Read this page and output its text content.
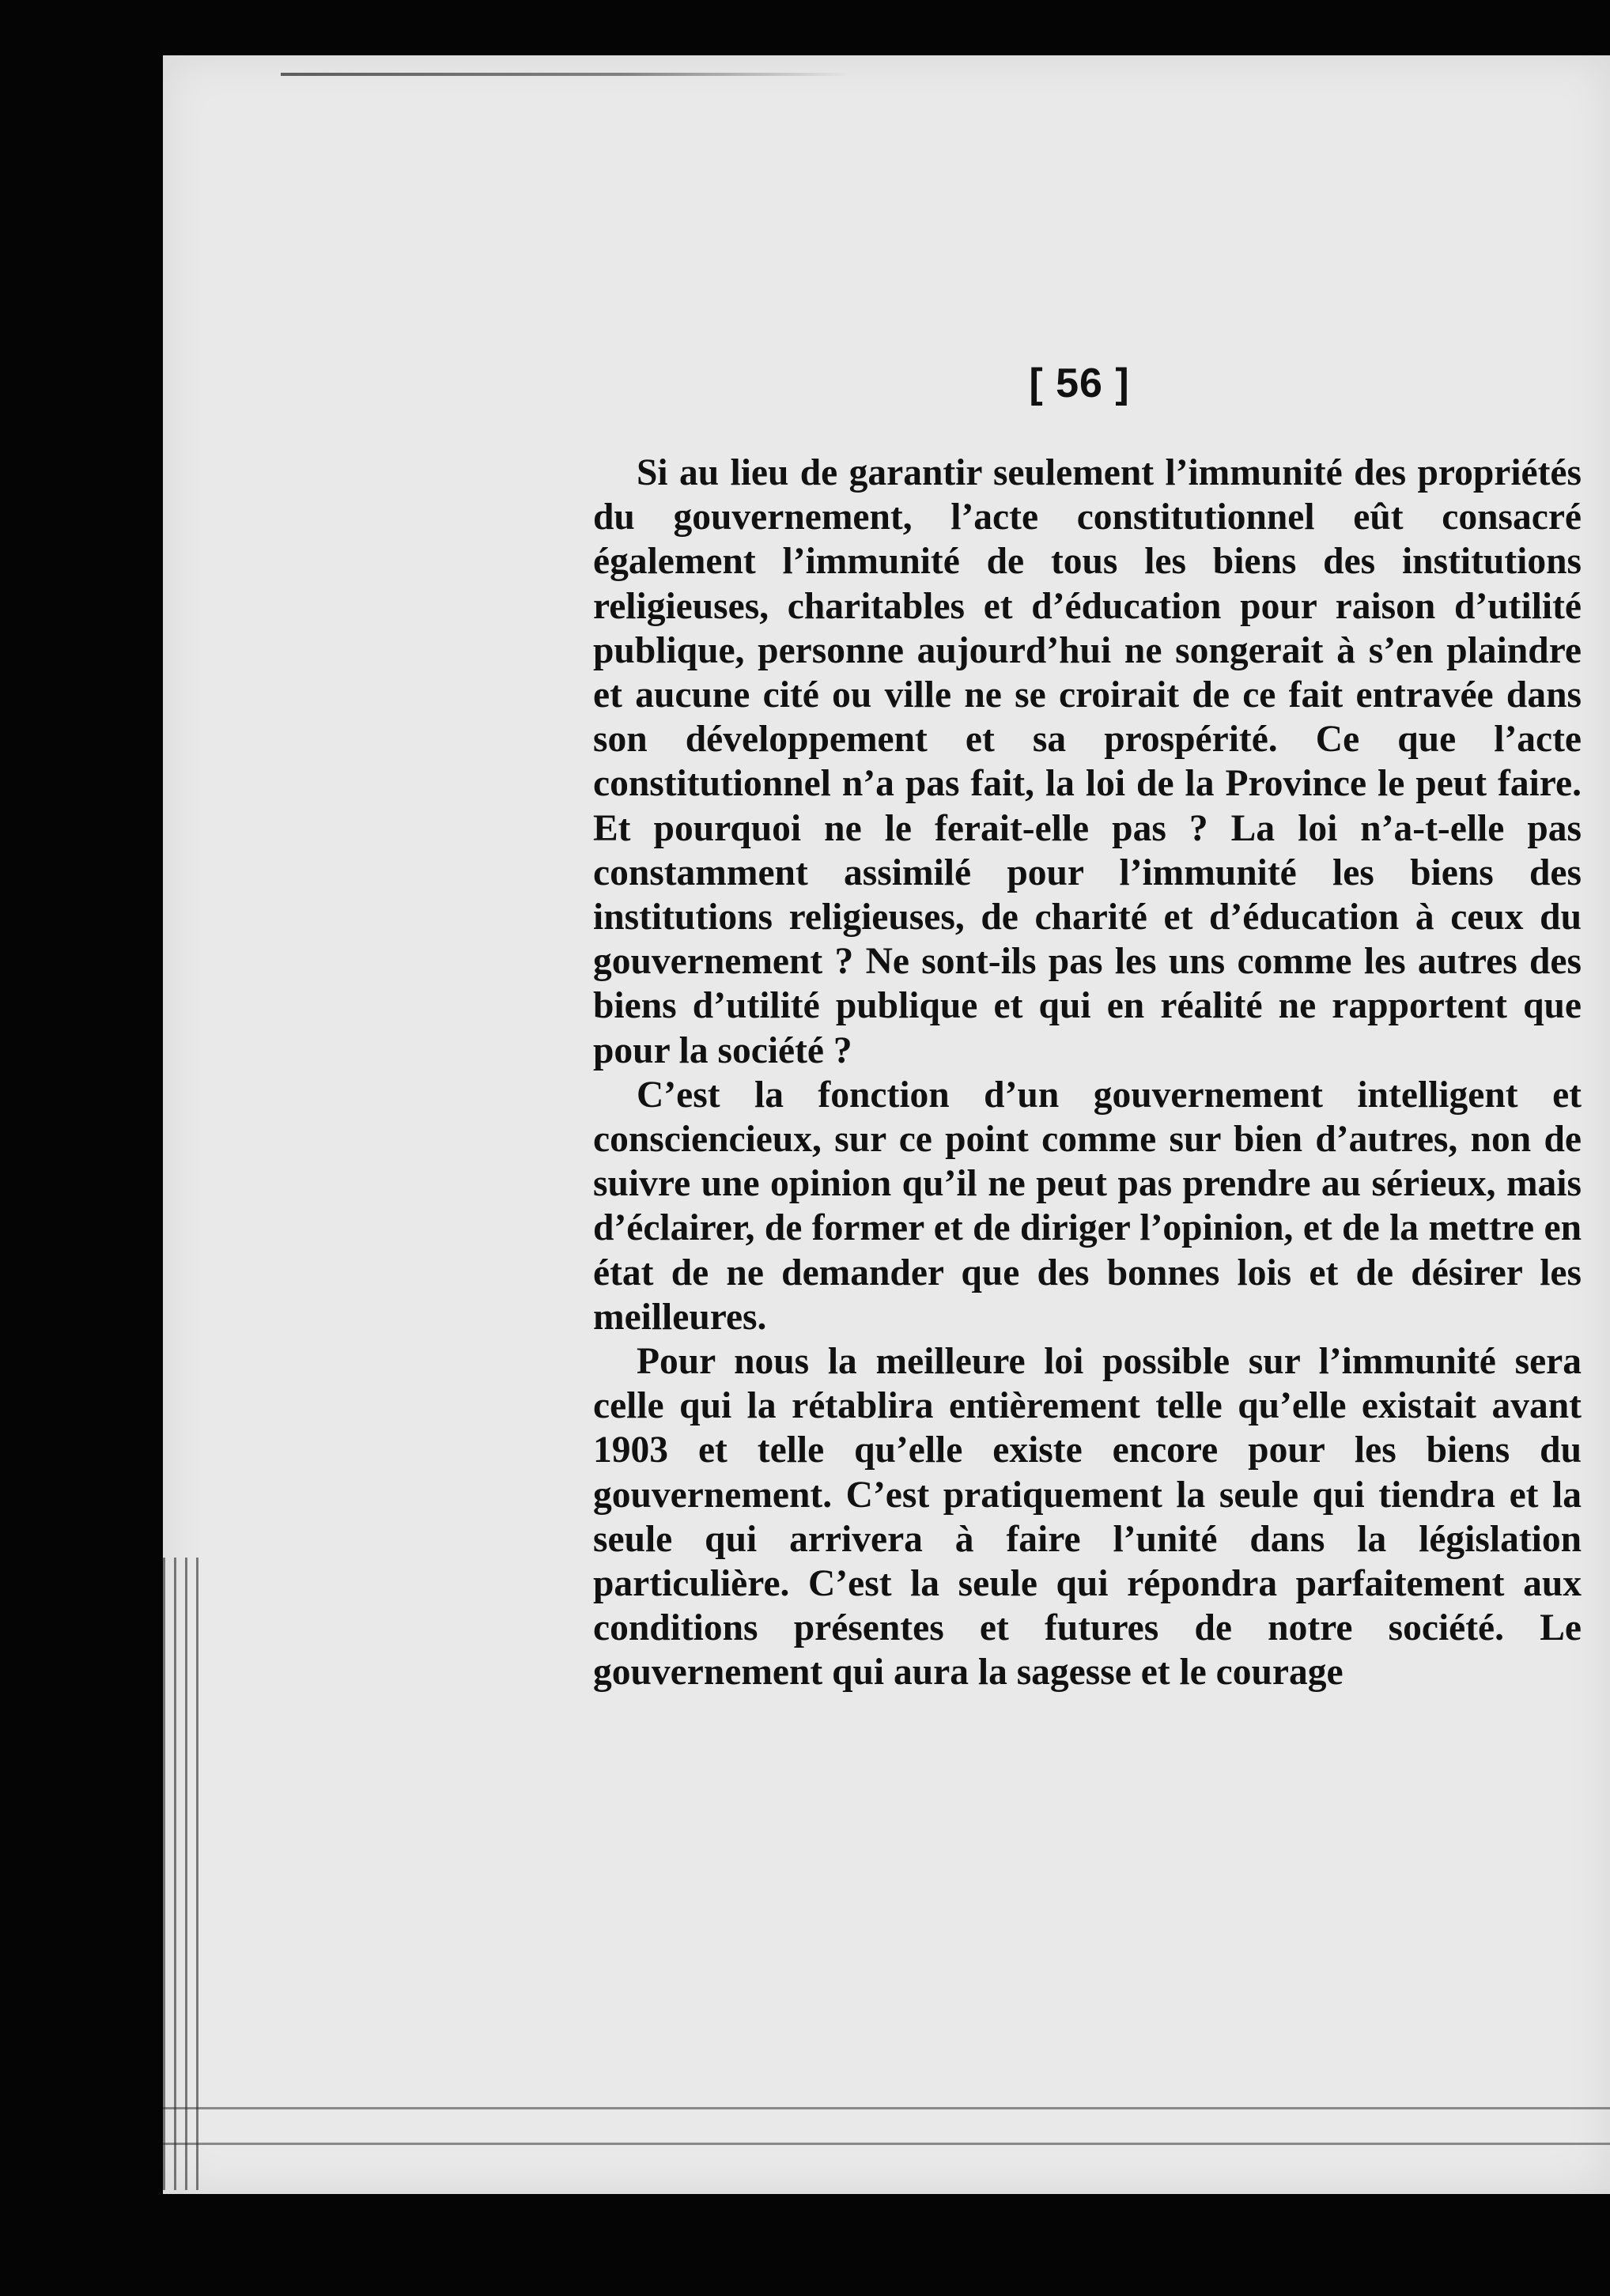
[ 56 ]

Si au lieu de garantir seulement l’immunité des propriétés du gouvernement, l’acte constitutionnel eût consacré également l’immunité de tous les biens des institutions religieuses, charitables et d’éducation pour raison d’utilité publique, personne aujourd’hui ne songerait à s’en plaindre et aucune cité ou ville ne se croirait de ce fait entravée dans son développement et sa prospérité. Ce que l’acte constitutionnel n’a pas fait, la loi de la Province le peut faire. Et pourquoi ne le ferait-elle pas ? La loi n’a-t-elle pas constamment assimilé pour l’immunité les biens des institutions religieuses, de charité et d’éducation à ceux du gouvernement ? Ne sont-ils pas les uns comme les autres des biens d’utilité publique et qui en réalité ne rapportent que pour la société ?

C’est la fonction d’un gouvernement intelligent et consciencieux, sur ce point comme sur bien d’autres, non de suivre une opinion qu’il ne peut pas prendre au sérieux, mais d’éclairer, de former et de diriger l’opinion, et de la mettre en état de ne demander que des bonnes lois et de désirer les meilleures.

Pour nous la meilleure loi possible sur l’immunité sera celle qui la rétablira entièrement telle qu’elle existait avant 1903 et telle qu’elle existe encore pour les biens du gouvernement. C’est pratiquement la seule qui tiendra et la seule qui arrivera à faire l’unité dans la législation particulière. C’est la seule qui répondra parfaitement aux conditions présentes et futures de notre société. Le gouvernement qui aura la sagesse et le courage
